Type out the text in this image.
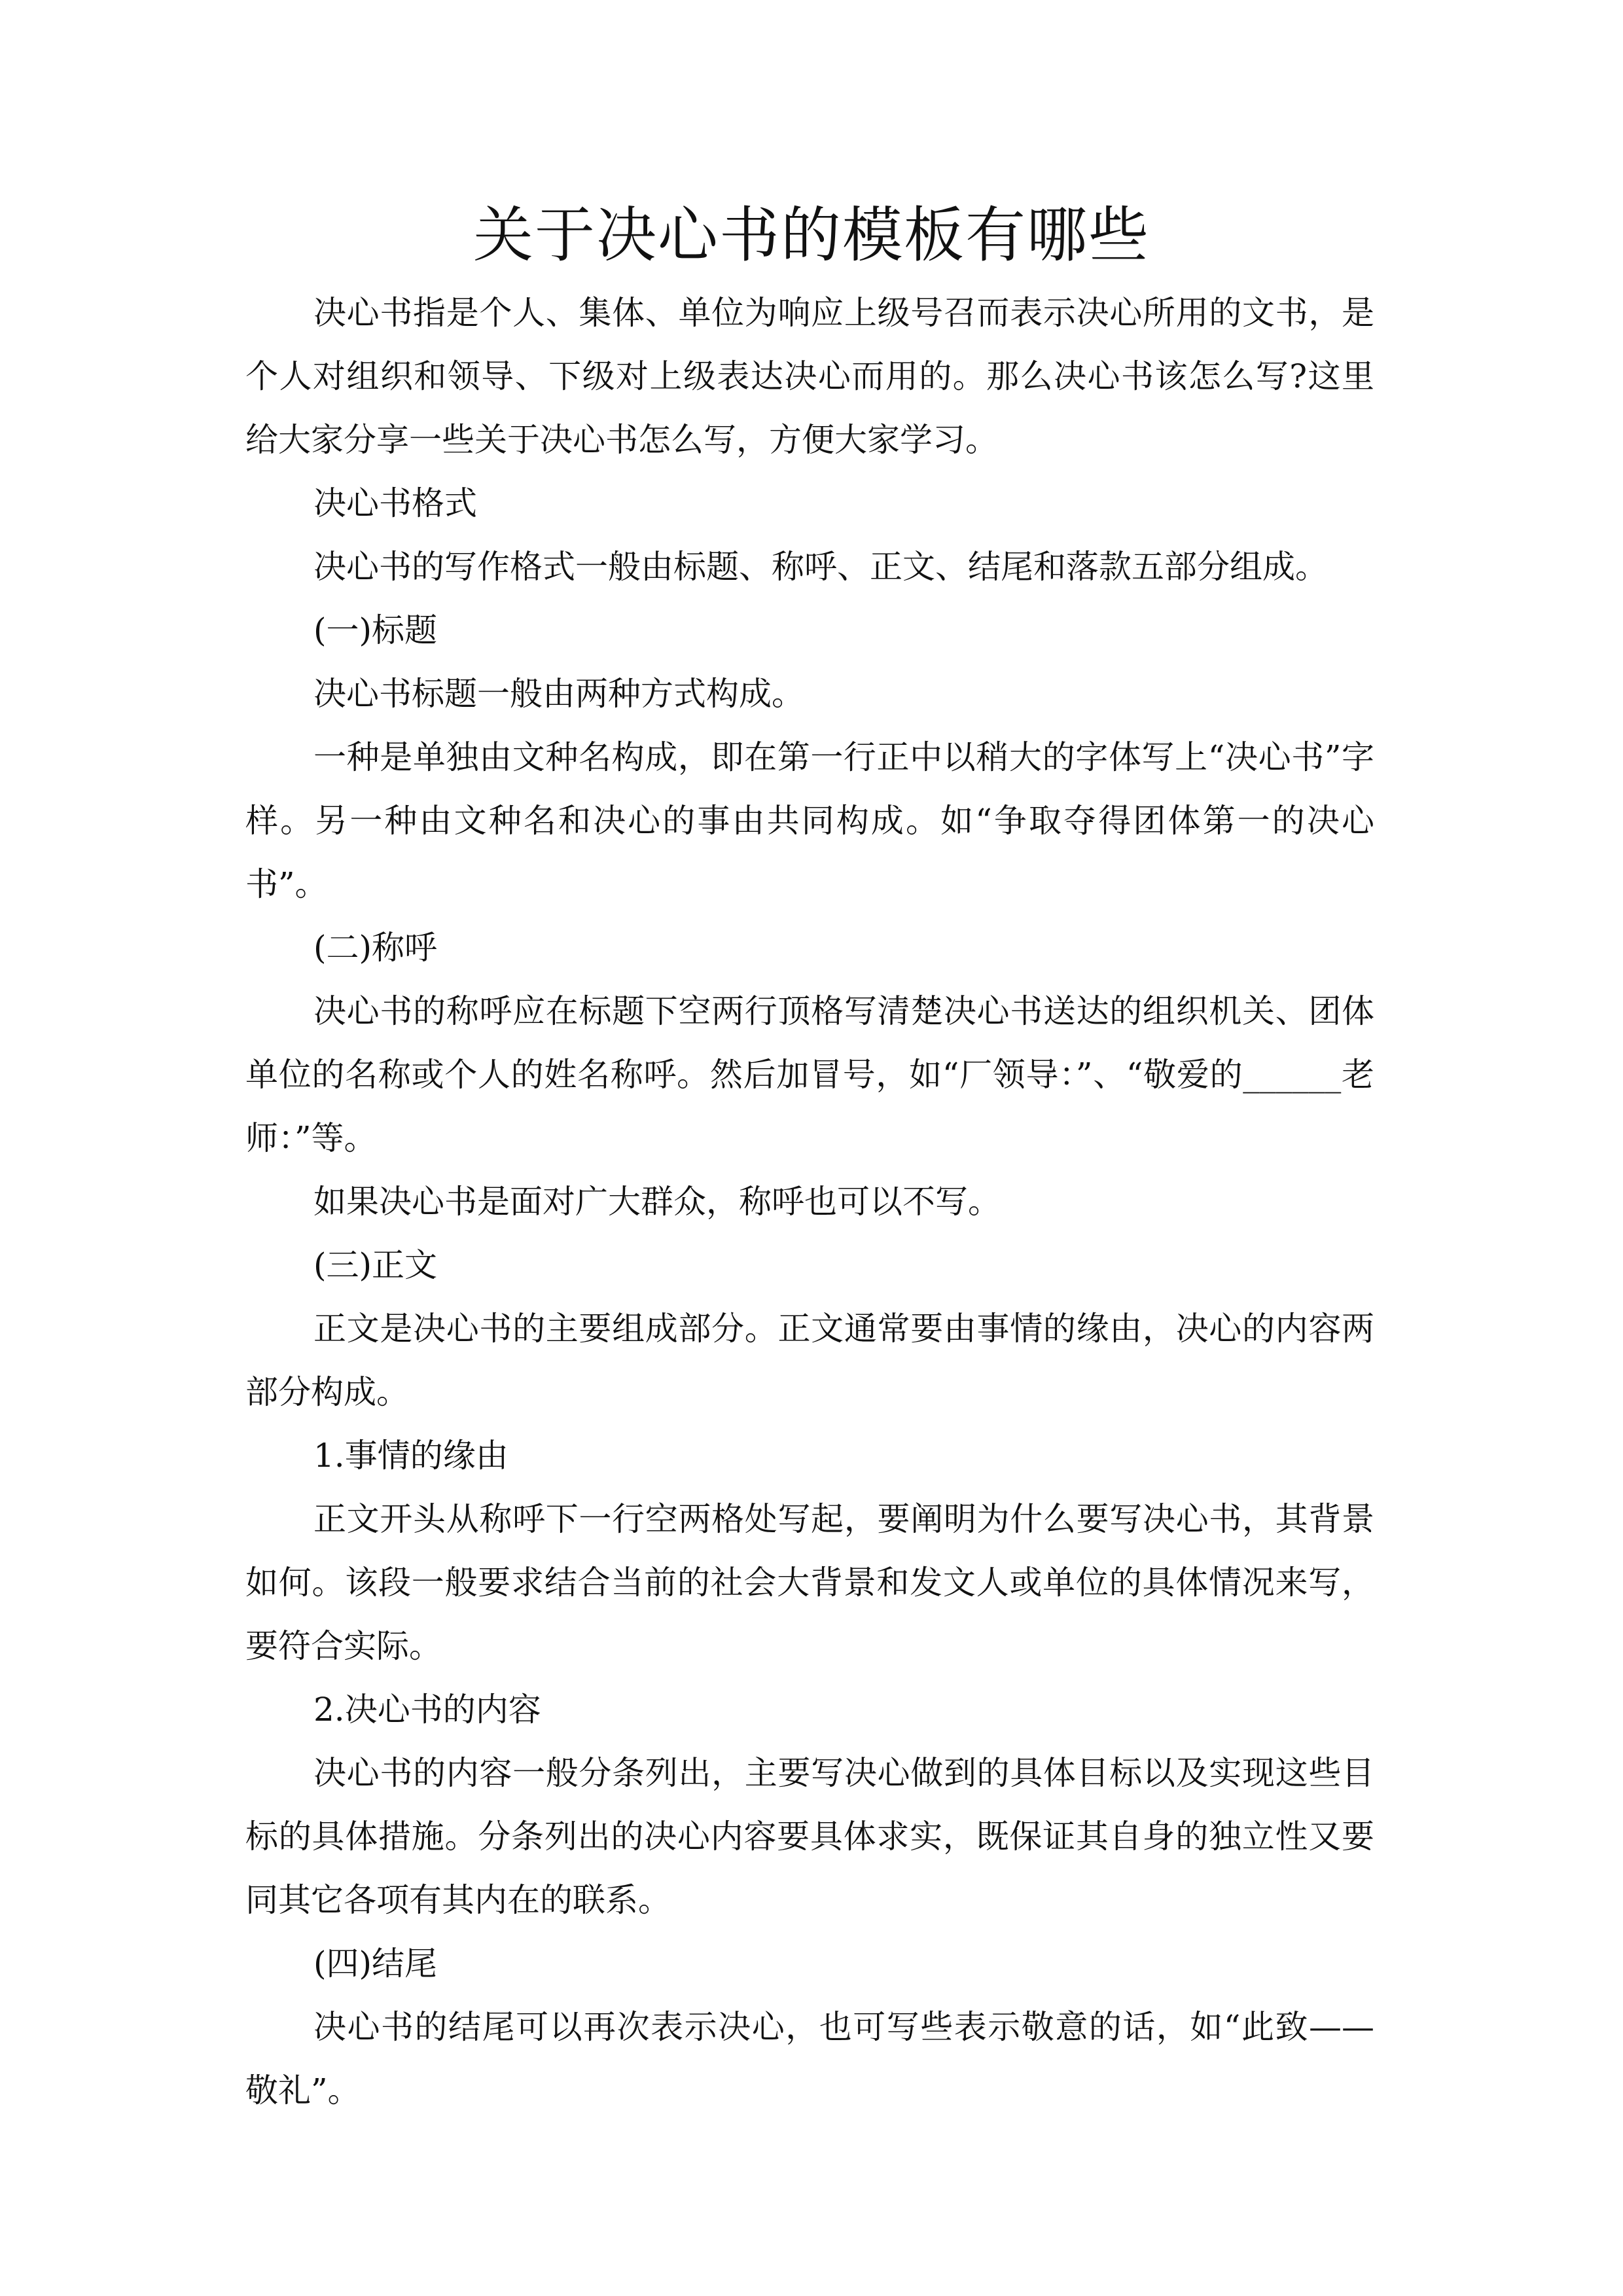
关于决心书的模板有哪些

决心书指是个人、集体、单位为响应上级号召而表示决心所用的文书，是个人对组织和领导、下级对上级表达决心而用的。那么决心书该怎么写?这里给大家分享一些关于决心书怎么写，方便大家学习。

决心书格式

决心书的写作格式一般由标题、称呼、正文、结尾和落款五部分组成。

(一)标题

决心书标题一般由两种方式构成。

一种是单独由文种名构成，即在第一行正中以稍大的字体写上“决心书”字样。另一种由文种名和决心的事由共同构成。如“争取夺得团体第一的决心书”。

(二)称呼

决心书的称呼应在标题下空两行顶格写清楚决心书送达的组织机关、团体单位的名称或个人的姓名称呼。然后加冒号，如“厂领导：”、“敬爱的______老师：”等。

如果决心书是面对广大群众，称呼也可以不写。

(三)正文

正文是决心书的主要组成部分。正文通常要由事情的缘由，决心的内容两部分构成。

1.事情的缘由

正文开头从称呼下一行空两格处写起，要阐明为什么要写决心书，其背景如何。该段一般要求结合当前的社会大背景和发文人或单位的具体情况来写，要符合实际。

2.决心书的内容

决心书的内容一般分条列出，主要写决心做到的具体目标以及实现这些目标的具体措施。分条列出的决心内容要具体求实，既保证其自身的独立性又要同其它各项有其内在的联系。

(四)结尾

决心书的结尾可以再次表示决心，也可写些表示敬意的话，如“此致——敬礼”。
